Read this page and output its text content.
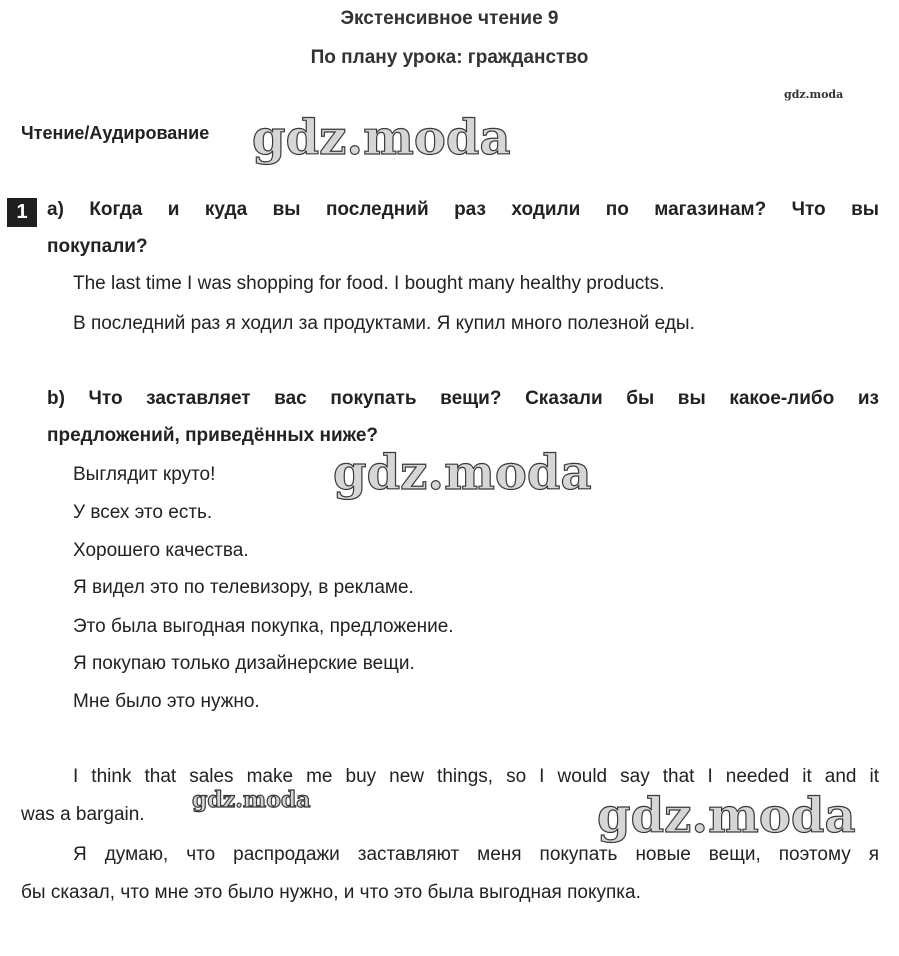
Экстенсивное чтение 9
По плану урока: гражданство
gdz.moda
Чтение/Аудирование gdz.moda
1	a) Когда и куда вы последний раз ходили по магазинам? Что вы
покупали?
The last time I was shopping for food. I bought many healthy products.
В последний раз я ходил за продуктами. Я купил много полезной еды.
b) Что заставляет вас покупать вещи? Сказали бы вы какое-либо из
предложений, приведённых ниже?
Выглядит круто! gdz.moda
У всех это есть.
Хорошего качества.
Я видел это по телевизору, в рекламе.
Это была выгодная покупка, предложение.
Я покупаю только дизайнерские вещи.
Мне было это нужно.
I think that sales make me buy new things, so I would say that I needed it and it
was a bargain.
gdz.moda	gdz.moda
Я думаю, что распродажи заставляют меня покупать новые вещи, поэтому я
бы сказал, что мне это было нужно, и что это была выгодная покупка.
